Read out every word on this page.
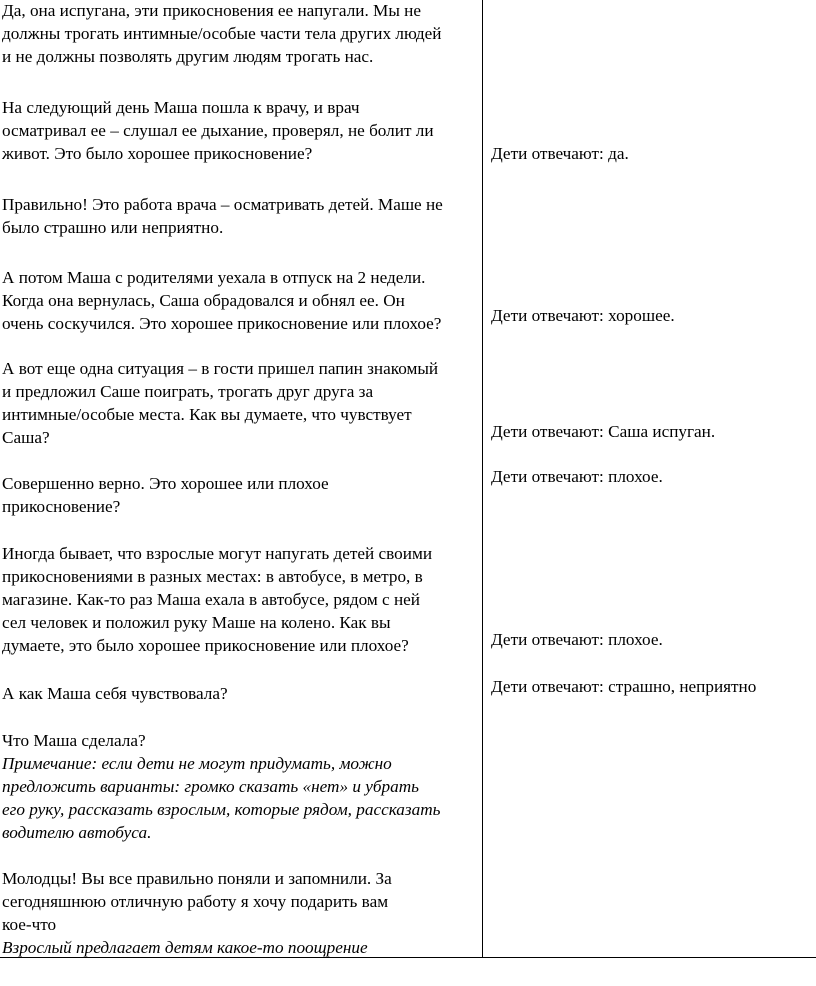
Да, она испугана, эти прикосновения ее напугали. Мы не

должны трогать интимные/особые части тела других людей

и не должны позволять другим людям трогать нас.

На следующий день Маша пошла к врачу, и врач

осматривал ее – слушал ее дыхание, проверял, не болит ли

живот. Это было хорошее прикосновение?

Правильно! Это работа врача – осматривать детей. Маше не

было страшно или неприятно.

А потом Маша с родителями уехала в отпуск на 2 недели.

Когда она вернулась, Саша обрадовался и обнял ее. Он

очень соскучился. Это хорошее прикосновение или плохое?

А вот еще одна ситуация – в гости пришел папин знакомый

и предложил Саше поиграть, трогать друг друга за

интимные/особые места. Как вы думаете, что чувствует

Саша?

Совершенно верно. Это хорошее или плохое

прикосновение?

Иногда бывает, что взрослые могут напугать детей своими

прикосновениями в разных местах: в автобусе, в метро, в

магазине. Как-то раз Маша ехала в автобусе, рядом с ней

сел человек и положил руку Маше на колено. Как вы

думаете, это было хорошее прикосновение или плохое?

А как Маша себя чувствовала?

Что Маша сделала?

Примечание: если дети не могут придумать, можно

предложить варианты: громко сказать «нет» и убрать

его руку, рассказать взрослым, которые рядом, рассказать

водителю автобуса.

Молодцы! Вы все правильно поняли и запомнили. За

сегодняшнюю отличную работу я хочу подарить вам

кое-что

Взрослый предлагает детям какое-то поощрение

Дети отвечают: да.

Дети отвечают: хорошее.

Дети отвечают: Саша испуган.

Дети отвечают: плохое.

Дети отвечают: плохое.

Дети отвечают: страшно, неприятно
